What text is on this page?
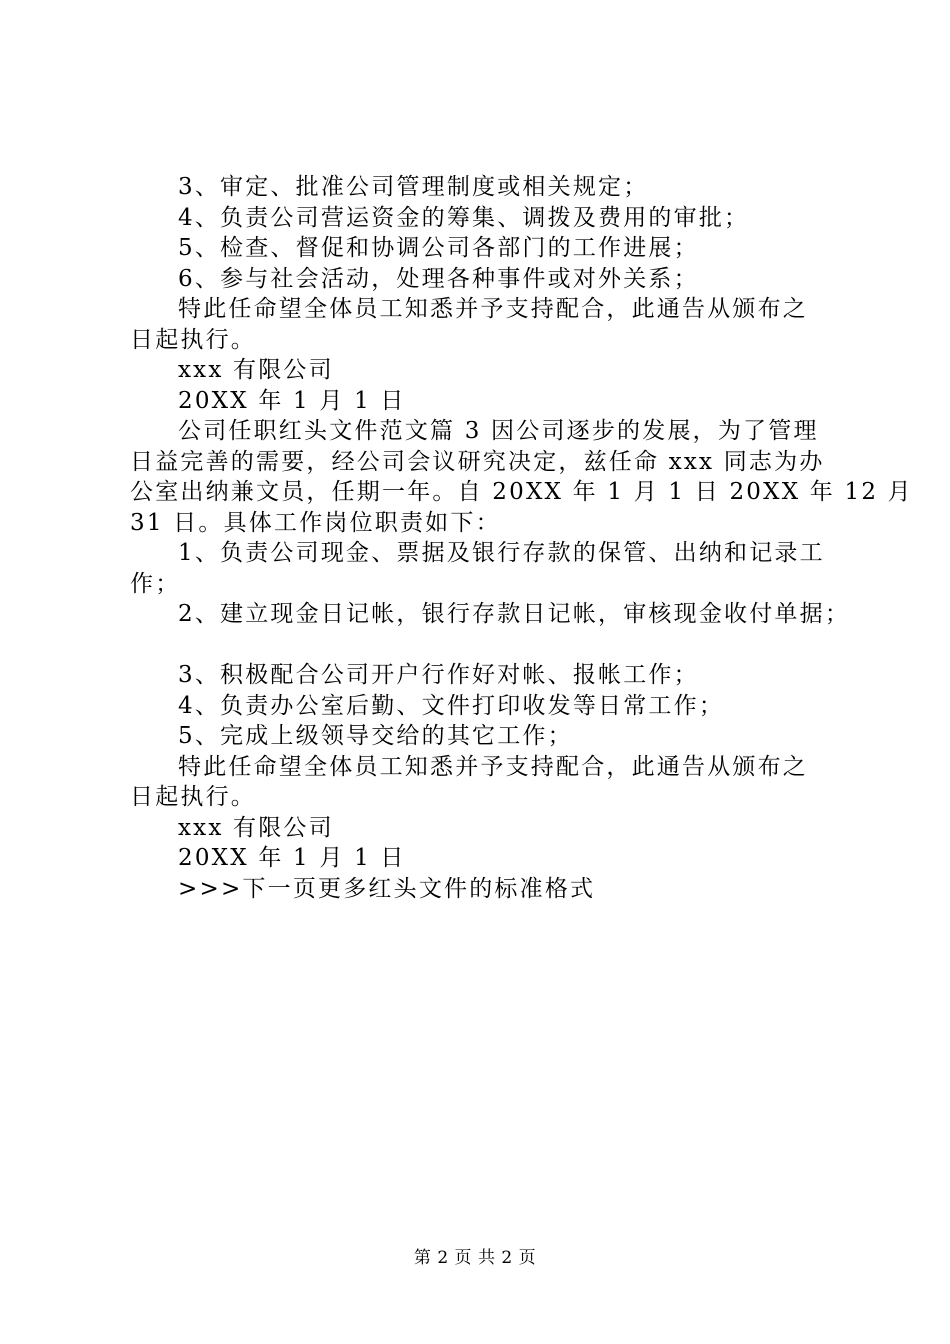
3、审定、批准公司管理制度或相关规定；

4、负责公司营运资金的筹集、调拨及费用的审批；

5、检查、督促和协调公司各部门的工作进展；

6、参与社会活动，处理各种事件或对外关系；

特此任命望全体员工知悉并予支持配合，此通告从颁布之

日起执行。

xxx 有限公司

20XX 年 1 月 1 日

公司任职红头文件范文篇 3 因公司逐步的发展，为了管理

日益完善的需要，经公司会议研究决定，兹任命 xxx 同志为办

公室出纳兼文员，任期一年。自 20XX 年 1 月 1 日 20XX 年 12 月

31 日。具体工作岗位职责如下：

1、负责公司现金、票据及银行存款的保管、出纳和记录工

作；

2、建立现金日记帐，银行存款日记帐，审核现金收付单据；

3、积极配合公司开户行作好对帐、报帐工作；

4、负责办公室后勤、文件打印收发等日常工作；

5、完成上级领导交给的其它工作；

特此任命望全体员工知悉并予支持配合，此通告从颁布之

日起执行。

xxx 有限公司

20XX 年 1 月 1 日

>>>下一页更多红头文件的标准格式

第 2 页 共 2 页
